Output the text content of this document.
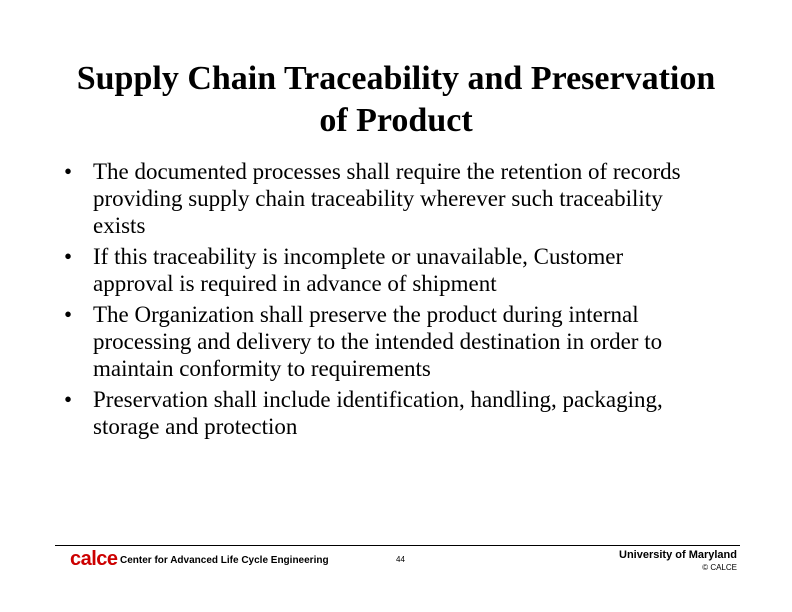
Supply Chain Traceability and Preservation
of Product
• The documented processes shall require the retention of records
providing supply chain traceability wherever such traceability
exists
• If this traceability is incomplete or unavailable, Customer
approval is required in advance of shipment
• The Organization shall preserve the product during internal
processing and delivery to the intended destination in order to
maintain conformity to requirements
• Preservation shall include identification, handling, packaging,
storage and protection
calce Center for Advanced Life Cycle Engineering	44	University of Maryland
© CALCE
